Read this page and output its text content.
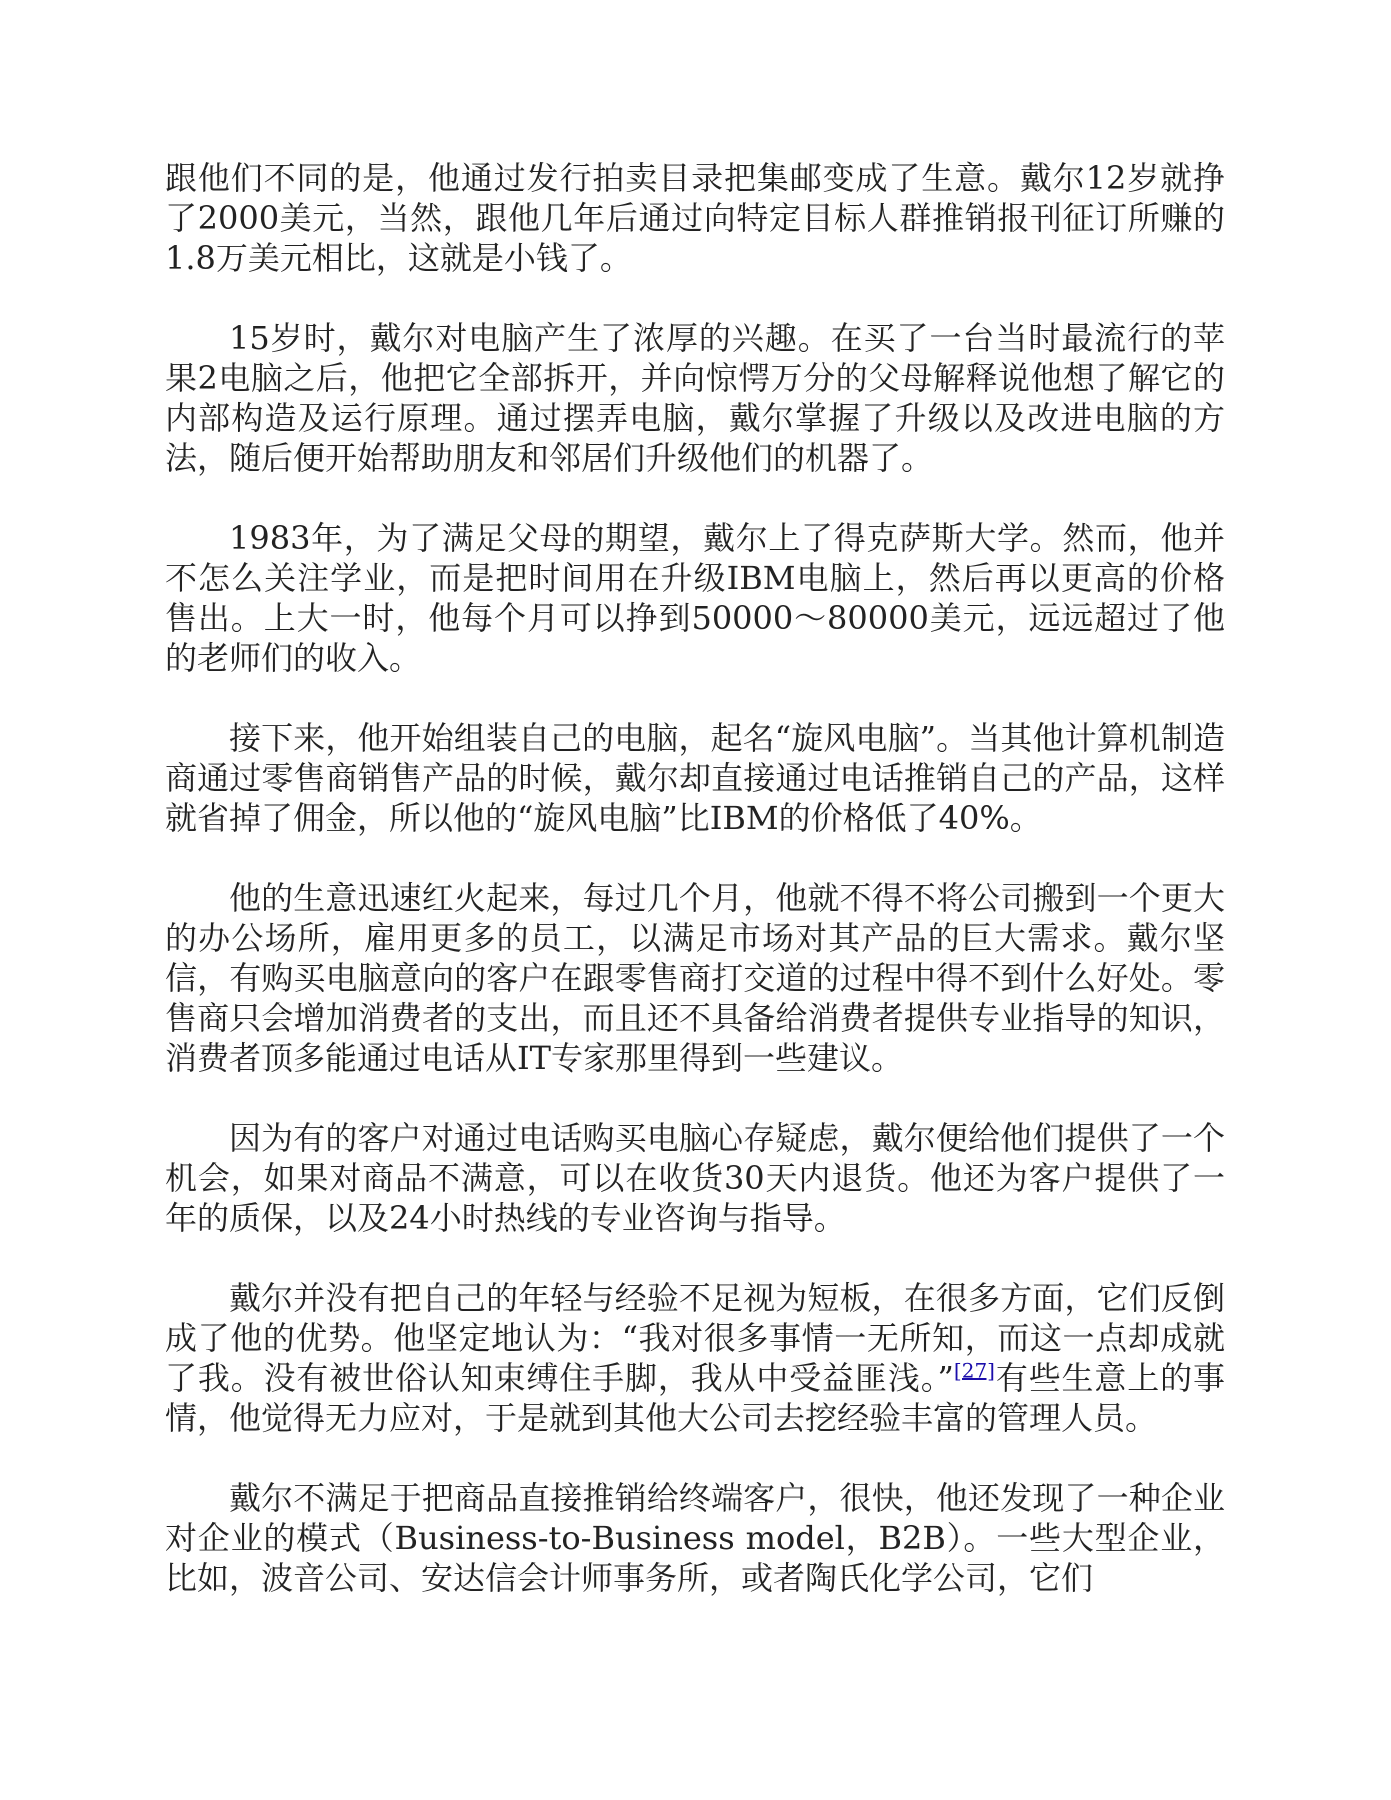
跟他们不同的是，他通过发行拍卖目录把集邮变成了生意。戴尔12岁就挣了2000美元，当然，跟他几年后通过向特定目标人群推销报刊征订所赚的1.8万美元相比，这就是小钱了。

15岁时，戴尔对电脑产生了浓厚的兴趣。在买了一台当时最流行的苹果2电脑之后，他把它全部拆开，并向惊愕万分的父母解释说他想了解它的内部构造及运行原理。通过摆弄电脑，戴尔掌握了升级以及改进电脑的方法，随后便开始帮助朋友和邻居们升级他们的机器了。

1983年，为了满足父母的期望，戴尔上了得克萨斯大学。然而，他并不怎么关注学业，而是把时间用在升级IBM电脑上，然后再以更高的价格售出。上大一时，他每个月可以挣到50000～80000美元，远远超过了他的老师们的收入。

接下来，他开始组装自己的电脑，起名“旋风电脑”。当其他计算机制造商通过零售商销售产品的时候，戴尔却直接通过电话推销自己的产品，这样就省掉了佣金，所以他的“旋风电脑”比IBM的价格低了40%。

他的生意迅速红火起来，每过几个月，他就不得不将公司搬到一个更大的办公场所，雇用更多的员工，以满足市场对其产品的巨大需求。戴尔坚信，有购买电脑意向的客户在跟零售商打交道的过程中得不到什么好处。零售商只会增加消费者的支出，而且还不具备给消费者提供专业指导的知识，消费者顶多能通过电话从IT专家那里得到一些建议。

因为有的客户对通过电话购买电脑心存疑虑，戴尔便给他们提供了一个机会，如果对商品不满意，可以在收货30天内退货。他还为客户提供了一年的质保，以及24小时热线的专业咨询与指导。

戴尔并没有把自己的年轻与经验不足视为短板，在很多方面，它们反倒成了他的优势。他坚定地认为：“我对很多事情一无所知，而这一点却成就了我。没有被世俗认知束缚住手脚，我从中受益匪浅。”[27]有些生意上的事情，他觉得无力应对，于是就到其他大公司去挖经验丰富的管理人员。

戴尔不满足于把商品直接推销给终端客户，很快，他还发现了一种企业对企业的模式（Business-to-Business model，B2B）。一些大型企业，比如，波音公司、安达信会计师事务所，或者陶氏化学公司，它们
